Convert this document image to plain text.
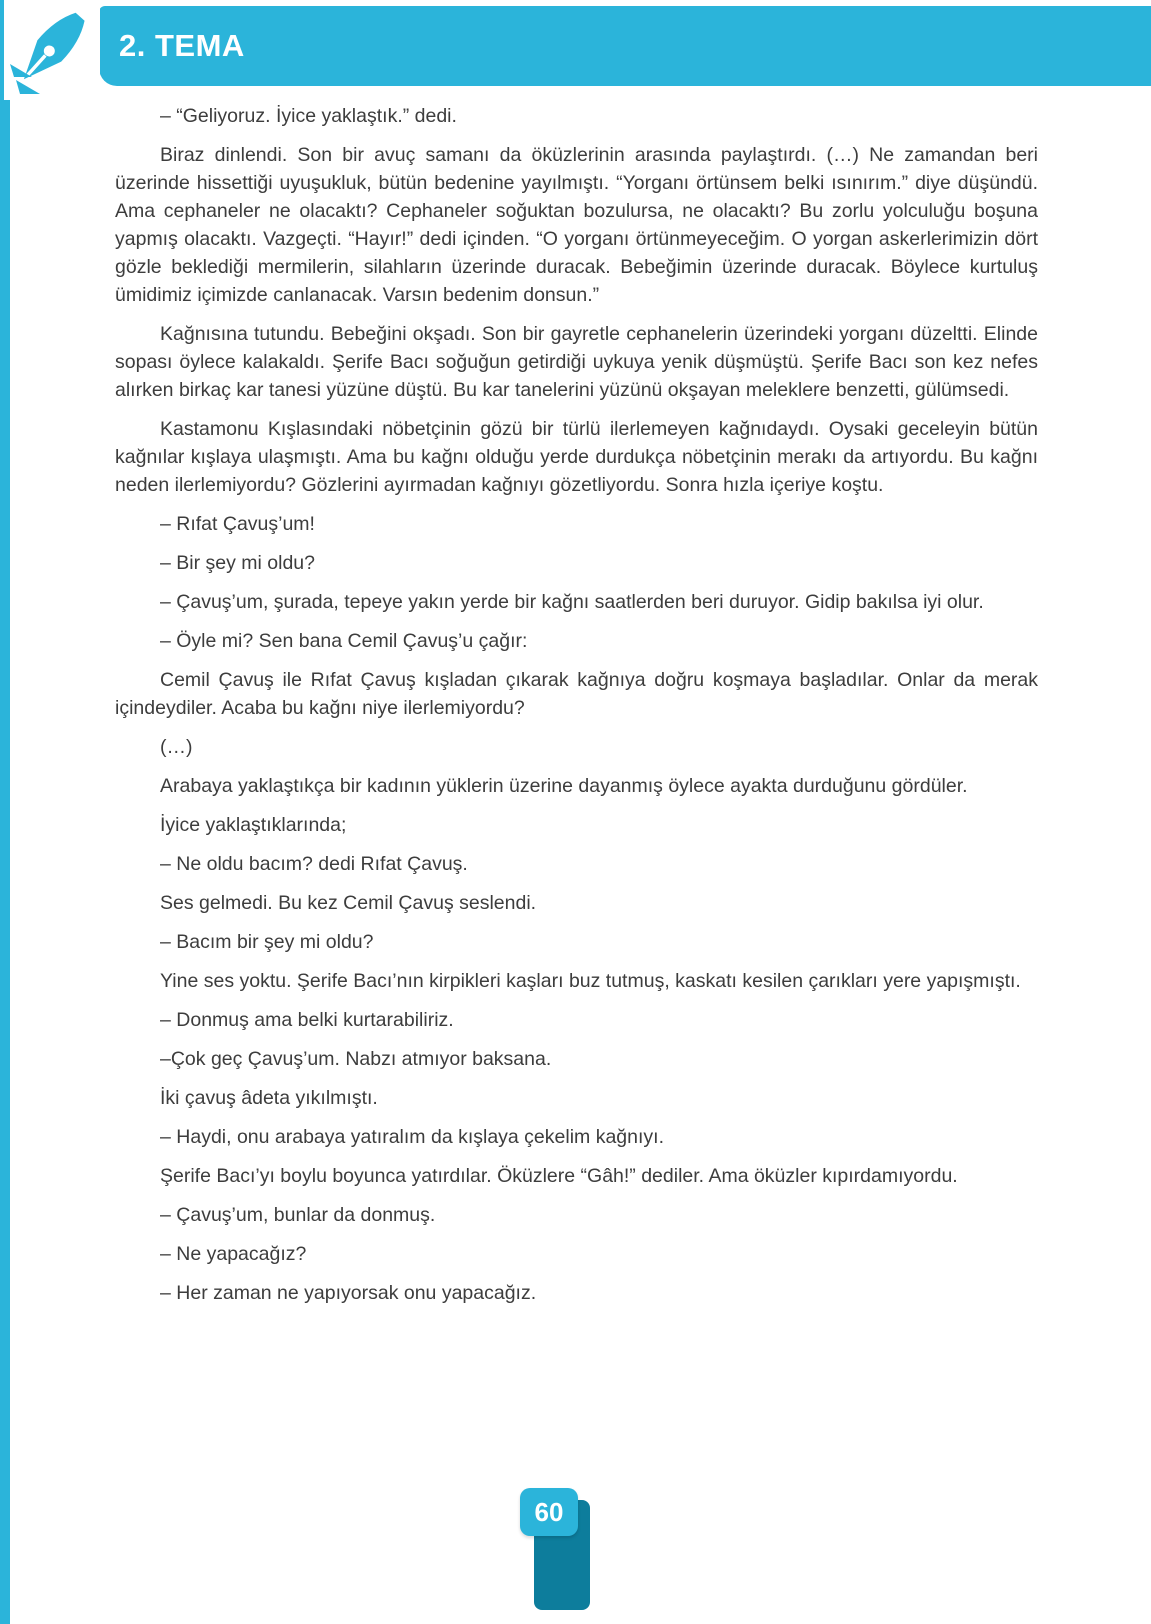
2. TEMA

– “Geliyoruz. İyice yaklaştık.” dedi.

Biraz dinlendi. Son bir avuç samanı da öküzlerinin arasında paylaştırdı. (…) Ne zamandan beri üzerinde hissettiği uyuşukluk, bütün bedenine yayılmıştı. “Yorganı örtünsem belki ısınırım.” diye düşündü. Ama cephaneler ne olacaktı? Cephaneler soğuktan bozulursa, ne olacaktı? Bu zorlu yolculuğu boşuna yapmış olacaktı. Vazgeçti. “Hayır!” dedi içinden. “O yorganı örtünmeyeceğim. O yorgan askerlerimizin dört gözle beklediği mermilerin, silahların üzerinde duracak. Bebeğimin üzerinde duracak. Böylece kurtuluş ümidimiz içimizde canlanacak. Varsın bedenim donsun.”

Kağnısına tutundu. Bebeğini okşadı. Son bir gayretle cephanelerin üzerindeki yorganı düzeltti. Elinde sopası öylece kalakaldı. Şerife Bacı soğuğun getirdiği uykuya yenik düşmüştü. Şerife Bacı son kez nefes alırken birkaç kar tanesi yüzüne düştü. Bu kar tanelerini yüzünü okşayan meleklere benzetti, gülümsedi.

Kastamonu Kışlasındaki nöbetçinin gözü bir türlü ilerlemeyen kağnıdaydı. Oysaki geceleyin bütün kağnılar kışlaya ulaşmıştı. Ama bu kağnı olduğu yerde durdukça nöbetçinin merakı da artıyordu. Bu kağnı neden ilerlemiyordu? Gözlerini ayırmadan kağnıyı gözetliyordu. Sonra hızla içeriye koştu.

– Rıfat Çavuş’um!

– Bir şey mi oldu?

– Çavuş’um, şurada, tepeye yakın yerde bir kağnı saatlerden beri duruyor. Gidip bakılsa iyi olur.

– Öyle mi? Sen bana Cemil Çavuş’u çağır:

Cemil Çavuş ile Rıfat Çavuş kışladan çıkarak kağnıya doğru koşmaya başladılar. Onlar da merak içindeydiler. Acaba bu kağnı niye ilerlemiyordu?

(…)

Arabaya yaklaştıkça bir kadının yüklerin üzerine dayanmış öylece ayakta durduğunu gördüler.

İyice yaklaştıklarında;

– Ne oldu bacım? dedi Rıfat Çavuş.

Ses gelmedi. Bu kez Cemil Çavuş seslendi.

– Bacım bir şey mi oldu?

Yine ses yoktu. Şerife Bacı’nın kirpikleri kaşları buz tutmuş, kaskatı kesilen çarıkları yere yapışmıştı.

– Donmuş ama belki kurtarabiliriz.

–Çok geç Çavuş’um. Nabzı atmıyor baksana.

İki çavuş âdeta yıkılmıştı.

– Haydi, onu arabaya yatıralım da kışlaya çekelim kağnıyı.

Şerife Bacı’yı boylu boyunca yatırdılar. Öküzlere “Gâh!” dediler. Ama öküzler kıpırdamıyordu.

– Çavuş’um, bunlar da donmuş.

– Ne yapacağız?

– Her zaman ne yapıyorsak onu yapacağız.

60
